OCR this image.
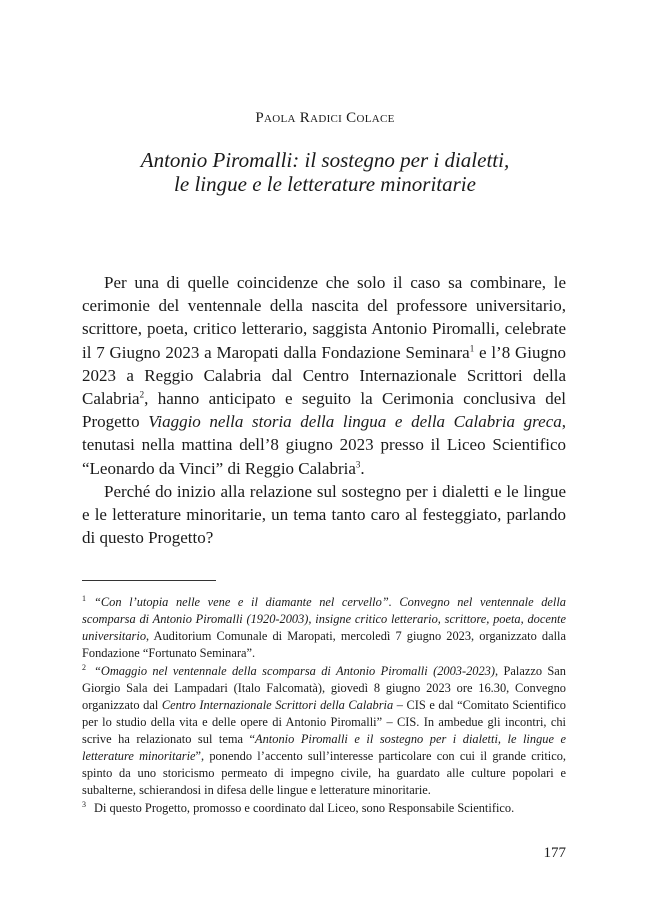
Paola Radici Colace
Antonio Piromalli: il sostegno per i dialetti,
le lingue e le letterature minoritarie

Per una di quelle coincidenze che solo il caso sa combinare, le cerimonie del ventennale della nascita del professore universitario, scrittore, poeta, critico letterario, saggista Antonio Piromalli, celebrate il 7 Giugno 2023 a Maropati dalla Fondazione Seminara$^1$ e l’8 Giugno 2023 a Reggio Calabria dal Centro Internazionale Scrittori della Calabria$^2$, hanno anticipato e seguito la Cerimonia conclusiva del Progetto Viaggio nella storia della lingua e della Calabria greca, tenutasi nella mattina dell’8 giugno 2023 presso il Liceo Scientifico “Leonardo da Vinci” di Reggio Calabria$^3$.

Perché do inizio alla relazione sul sostegno per i dialetti e le lingue e le letterature minoritarie, un tema tanto caro al festeggiato, parlando di questo Progetto?

$^1$ “Con l’utopia nelle vene e il diamante nel cervello”. Convegno nel ventennale della scomparsa di Antonio Piromalli (1920-2003), insigne critico letterario, scrittore, poeta, docente universitario, Auditorium Comunale di Maropati, mercoledì 7 giugno 2023, organizzato dalla Fondazione “Fortunato Seminara”.

$^2$ “Omaggio nel ventennale della scomparsa di Antonio Piromalli (2003-2023), Palazzo San Giorgio Sala dei Lampadari (Italo Falcomatà), giovedì 8 giugno 2023 ore 16.30, Convegno organizzato dal Centro Internazionale Scrittori della Calabria – CIS e dal “Comitato Scientifico per lo studio della vita e delle opere di Antonio Piromalli” – CIS. In ambedue gli incontri, chi scrive ha relazionato sul tema “Antonio Piromalli e il sostegno per i dialetti, le lingue e letterature minoritarie”, ponendo l’accento sull’interesse particolare con cui il grande critico, spinto da uno storicismo permeato di impegno civile, ha guardato alle culture popolari e subalterne, schierandosi in difesa delle lingue e letterature minoritarie.

$^3$ Di questo Progetto, promosso e coordinato dal Liceo, sono Responsabile Scientifico.

177
